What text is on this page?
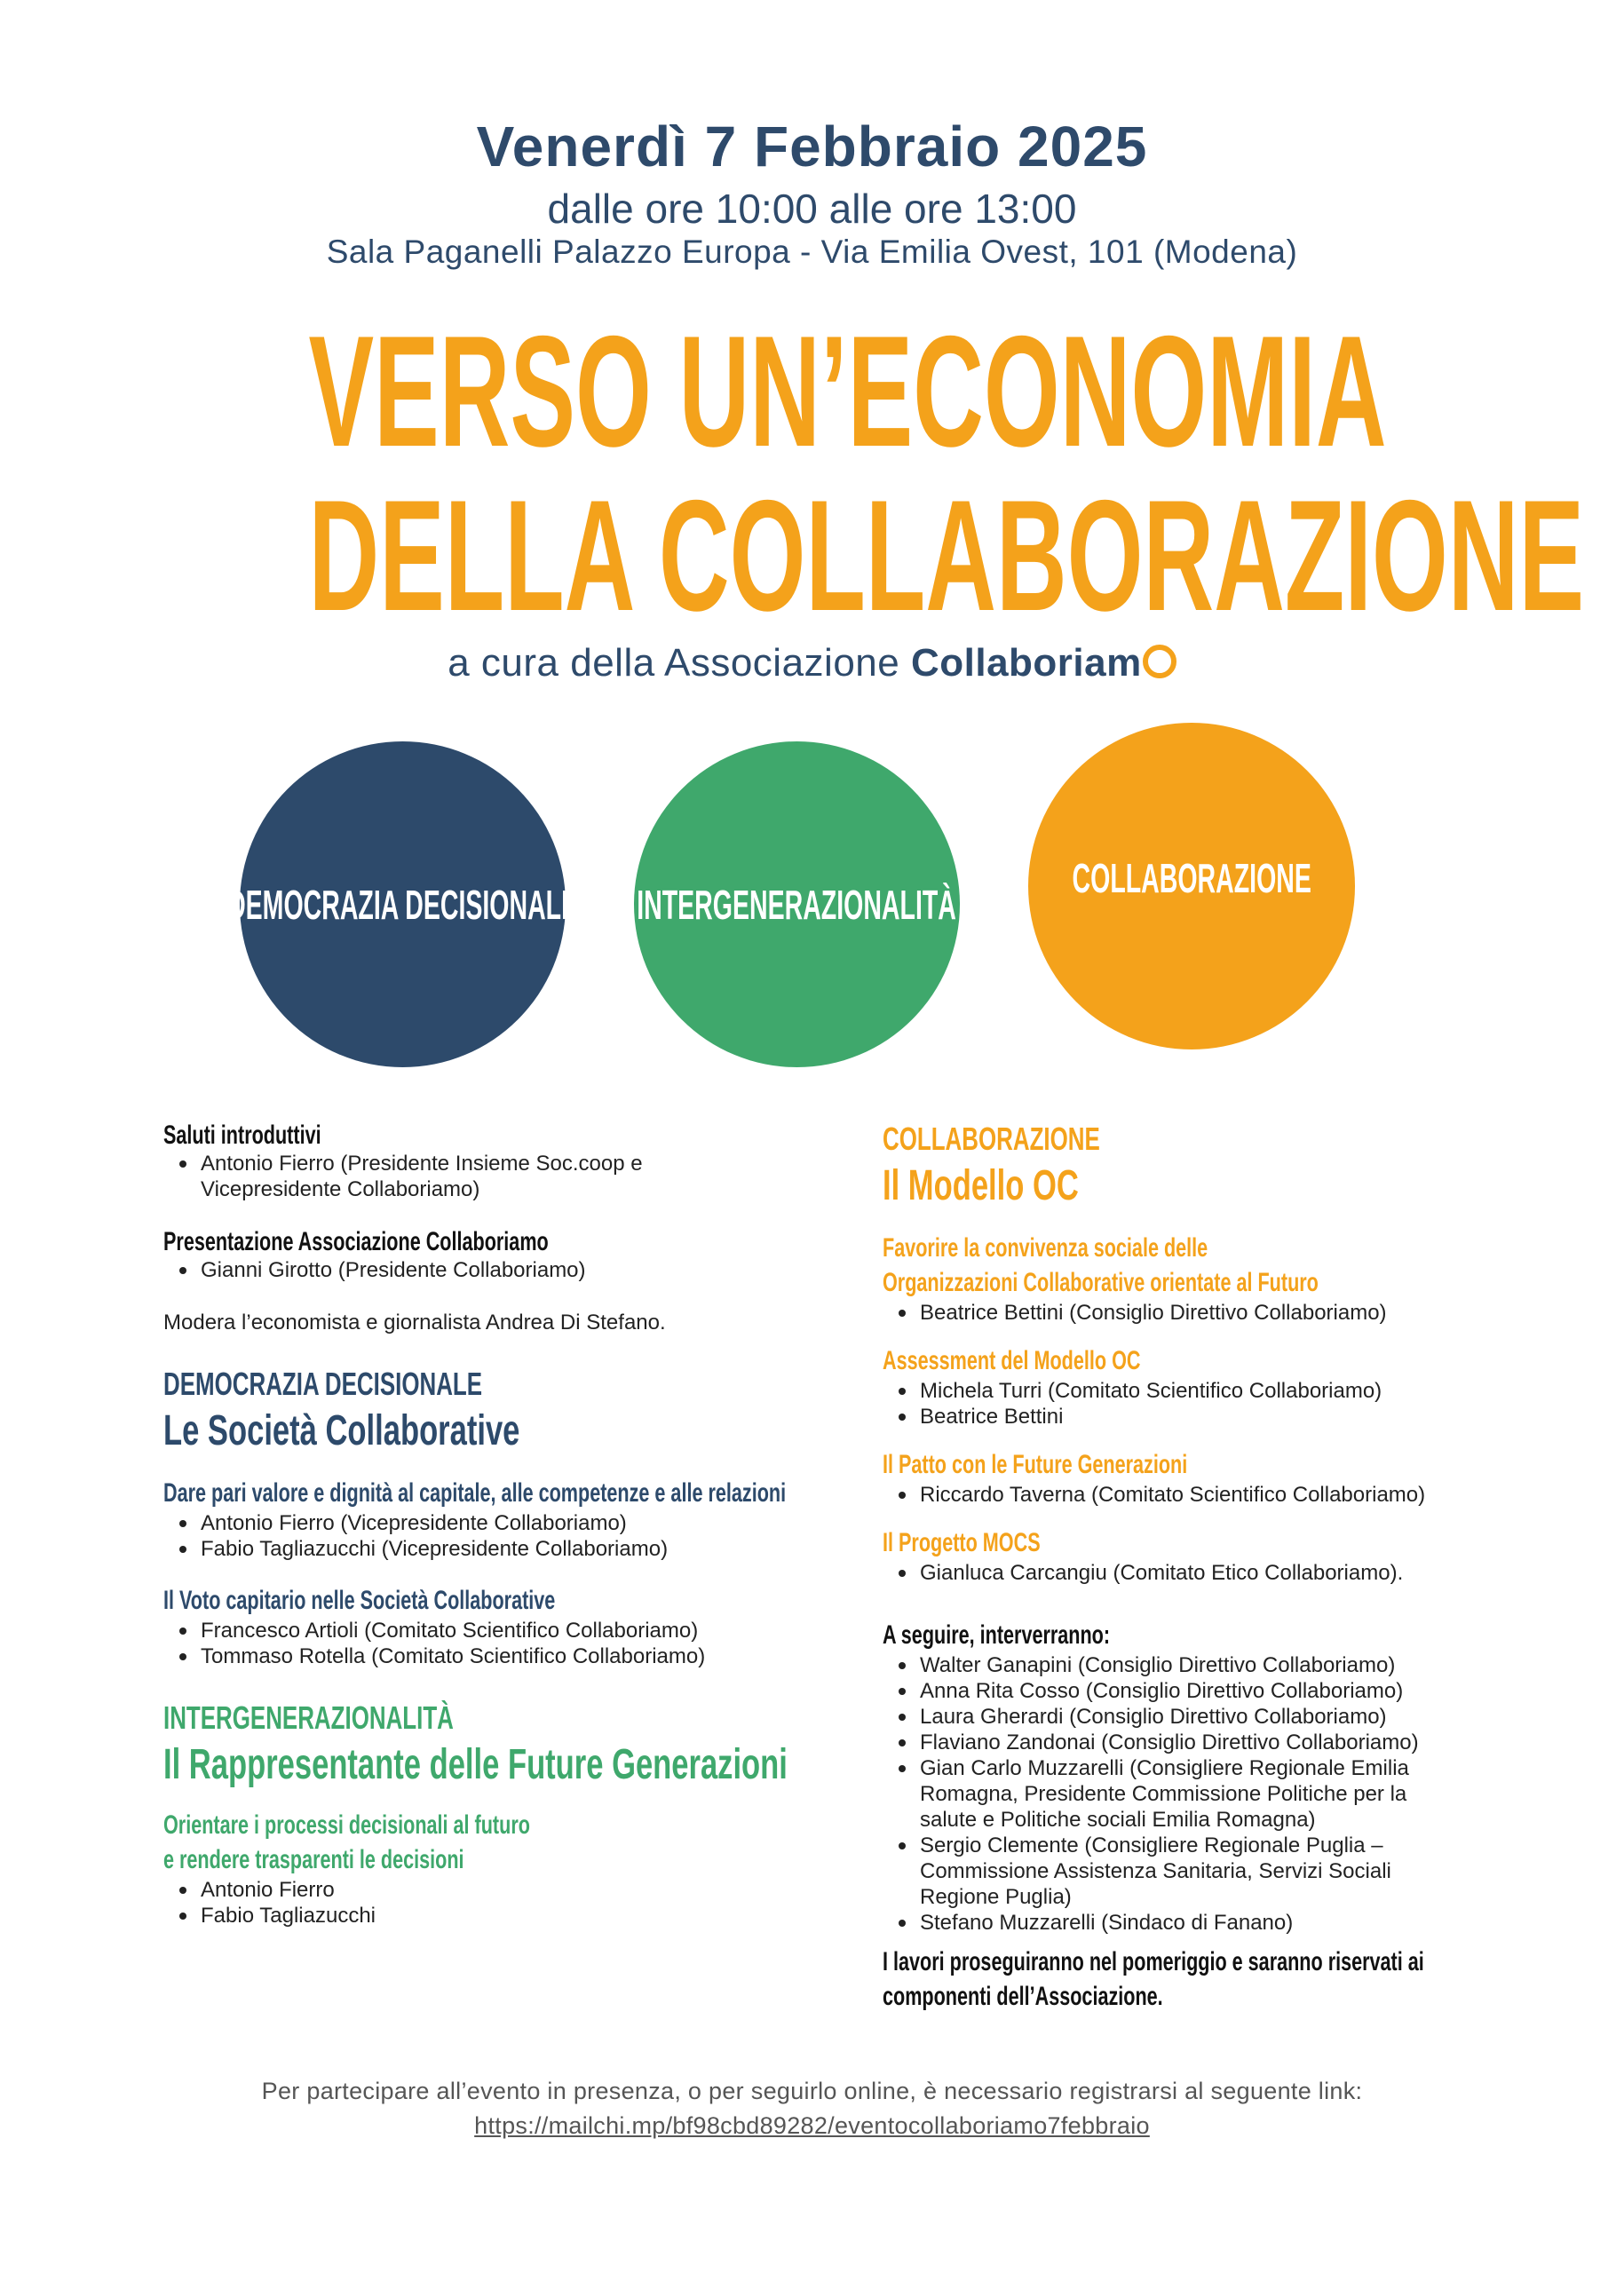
Venerdì 7 Febbraio 2025
dalle ore 10:00 alle ore 13:00
Sala Paganelli Palazzo Europa - Via Emilia Ovest, 101 (Modena)
VERSO UN’ECONOMIA
DELLA COLLABORAZIONE
a cura della Associazione Collaboriam
DEMOCRAZIA DECISIONALE INTERGENERAZIONALITÀ
COLLABORAZIONE
Saluti introduttivi
Antonio Fierro (Presidente Insieme Soc.coop e
Vicepresidente Collaboriamo)
Presentazione Associazione Collaboriamo
Gianni Girotto (Presidente Collaboriamo)
Modera l’economista e giornalista Andrea Di Stefano.
DEMOCRAZIA DECISIONALE
Le Società Collaborative
Dare pari valore e dignità al capitale, alle competenze e alle relazioni
Antonio Fierro (Vicepresidente Collaboriamo)
Fabio Tagliazucchi (Vicepresidente Collaboriamo)
Il Voto capitario nelle Società Collaborative
Francesco Artioli (Comitato Scientifico Collaboriamo)
Tommaso Rotella (Comitato Scientifico Collaboriamo)
INTERGENERAZIONALITÀ
Il Rappresentante delle Future Generazioni
Orientare i processi decisionali al futuro
e rendere trasparenti le decisioni
Antonio Fierro
Fabio Tagliazucchi
COLLABORAZIONE
Il Modello OC
Favorire la convivenza sociale delle
Organizzazioni Collaborative orientate al Futuro
Beatrice Bettini (Consiglio Direttivo Collaboriamo)
Assessment del Modello OC
Michela Turri (Comitato Scientifico Collaboriamo)
Beatrice Bettini
Il Patto con le Future Generazioni
Riccardo Taverna (Comitato Scientifico Collaboriamo)
Il Progetto MOCS
Gianluca Carcangiu (Comitato Etico Collaboriamo).
A seguire, interverranno:
Walter Ganapini (Consiglio Direttivo Collaboriamo)
Anna Rita Cosso (Consiglio Direttivo Collaboriamo)
Laura Gherardi (Consiglio Direttivo Collaboriamo)
Flaviano Zandonai (Consiglio Direttivo Collaboriamo)
Gian Carlo Muzzarelli (Consigliere Regionale Emilia Romagna, Presidente Commissione Politiche per la salute e Politiche sociali Emilia Romagna)
Sergio Clemente (Consigliere Regionale Puglia – Commissione Assistenza Sanitaria, Servizi Sociali Regione Puglia)
Stefano Muzzarelli (Sindaco di Fanano)
I lavori proseguiranno nel pomeriggio e saranno riservati ai
componenti dell’Associazione.
Per partecipare all’evento in presenza, o per seguirlo online, è necessario registrarsi al seguente link:
https://mailchi.mp/bf98cbd89282/eventocollaboriamo7febbraio
